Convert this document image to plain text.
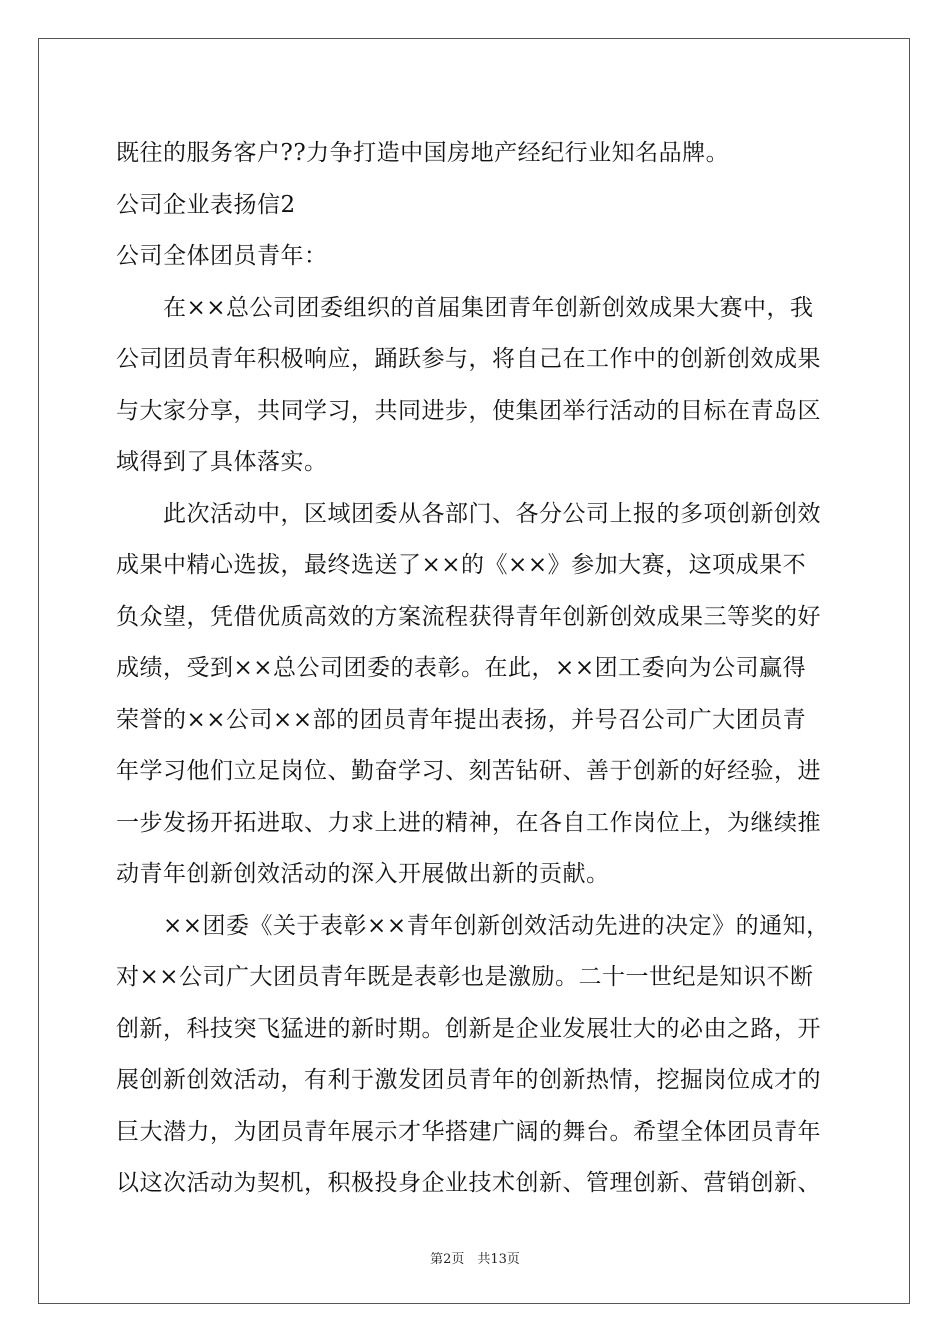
既往的服务客户??力争打造中国房地产经纪行业知名品牌。
公司企业表扬信2
公司全体团员青年：
　　在××总公司团委组织的首届集团青年创新创效成果大赛中，我
公司团员青年积极响应，踊跃参与，将自己在工作中的创新创效成果
与大家分享，共同学习，共同进步，使集团举行活动的目标在青岛区
域得到了具体落实。
　　此次活动中，区域团委从各部门、各分公司上报的多项创新创效
成果中精心选拔，最终选送了××的《××》参加大赛，这项成果不
负众望，凭借优质高效的方案流程获得青年创新创效成果三等奖的好
成绩，受到××总公司团委的表彰。在此，××团工委向为公司赢得
荣誉的××公司××部的团员青年提出表扬，并号召公司广大团员青
年学习他们立足岗位、勤奋学习、刻苦钻研、善于创新的好经验，进
一步发扬开拓进取、力求上进的精神，在各自工作岗位上，为继续推
动青年创新创效活动的深入开展做出新的贡献。
　　××团委《关于表彰××青年创新创效活动先进的决定》的通知，
对××公司广大团员青年既是表彰也是激励。二十一世纪是知识不断
创新，科技突飞猛进的新时期。创新是企业发展壮大的必由之路，开
展创新创效活动，有利于激发团员青年的创新热情，挖掘岗位成才的
巨大潜力，为团员青年展示才华搭建广阔的舞台。希望全体团员青年
以这次活动为契机，积极投身企业技术创新、管理创新、营销创新、
第2页　共13页
